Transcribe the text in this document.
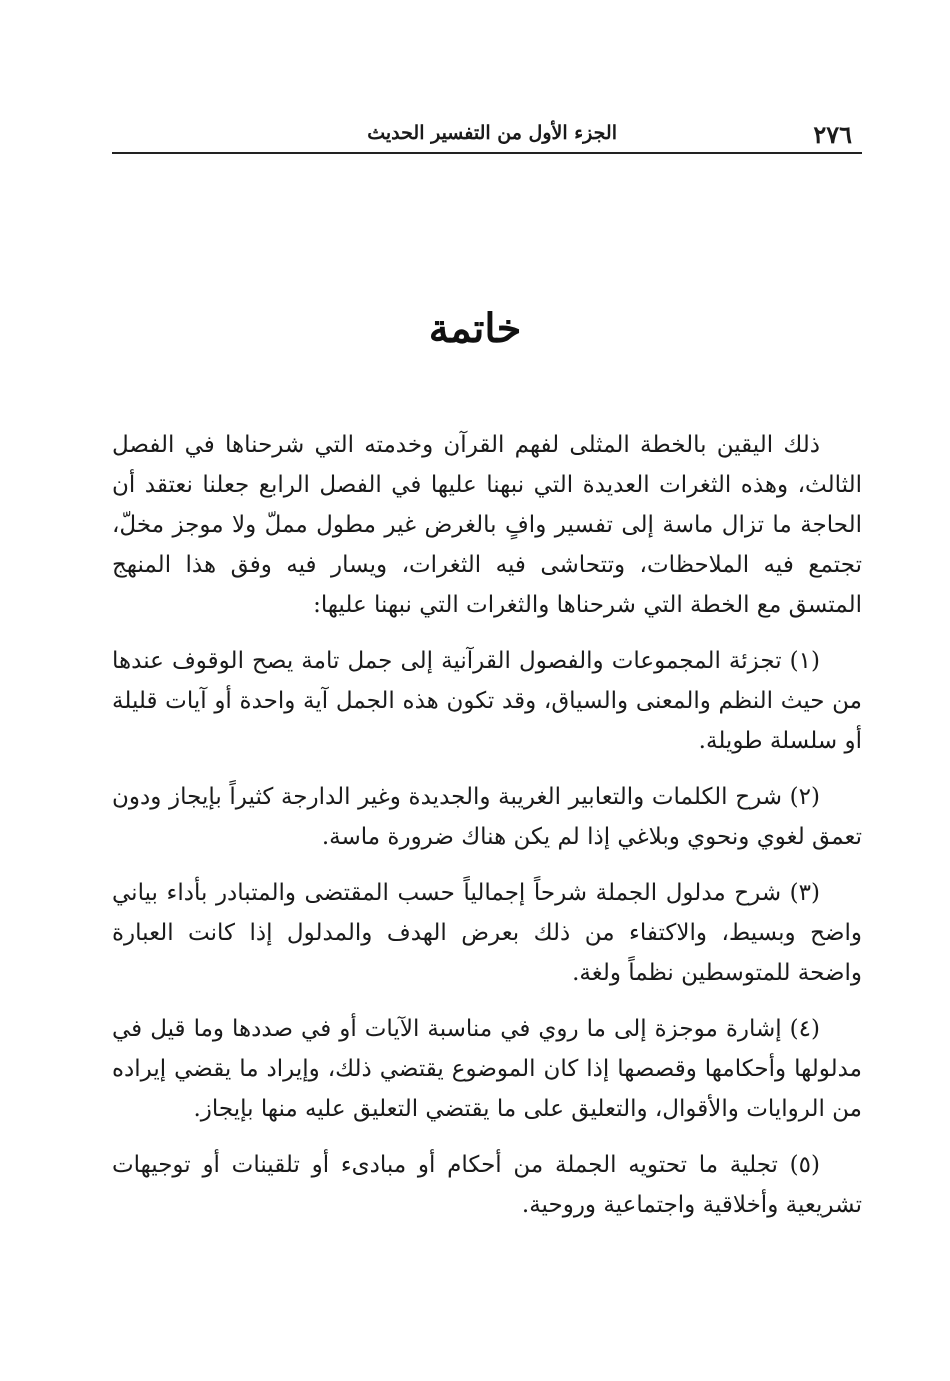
٢٧٦
الجزء الأول من التفسير الحديث
خاتمة

ذلك اليقين بالخطة المثلى لفهم القرآن وخدمته التي شرحناها في الفصل الثالث، وهذه الثغرات العديدة التي نبهنا عليها في الفصل الرابع جعلنا نعتقد أن الحاجة ما تزال ماسة إلى تفسير وافٍ بالغرض غير مطول مملّ ولا موجز مخلّ، تجتمع فيه الملاحظات، وتتحاشى فيه الثغرات، ويسار فيه وفق هذا المنهج المتسق مع الخطة التي شرحناها والثغرات التي نبهنا عليها:

(١) تجزئة المجموعات والفصول القرآنية إلى جمل تامة يصح الوقوف عندها من حيث النظم والمعنى والسياق، وقد تكون هذه الجمل آية واحدة أو آيات قليلة أو سلسلة طويلة.

(٢) شرح الكلمات والتعابير الغريبة والجديدة وغير الدارجة كثيراً بإيجاز ودون تعمق لغوي ونحوي وبلاغي إذا لم يكن هناك ضرورة ماسة.

(٣) شرح مدلول الجملة شرحاً إجمالياً حسب المقتضى والمتبادر بأداء بياني واضح وبسيط، والاكتفاء من ذلك بعرض الهدف والمدلول إذا كانت العبارة واضحة للمتوسطين نظماً ولغة.

(٤) إشارة موجزة إلى ما روي في مناسبة الآيات أو في صددها وما قيل في مدلولها وأحكامها وقصصها إذا كان الموضوع يقتضي ذلك، وإيراد ما يقضي إيراده من الروايات والأقوال، والتعليق على ما يقتضي التعليق عليه منها بإيجاز.

(٥) تجلية ما تحتويه الجملة من أحكام أو مبادىء أو تلقينات أو توجيهات تشريعية وأخلاقية واجتماعية وروحية.
